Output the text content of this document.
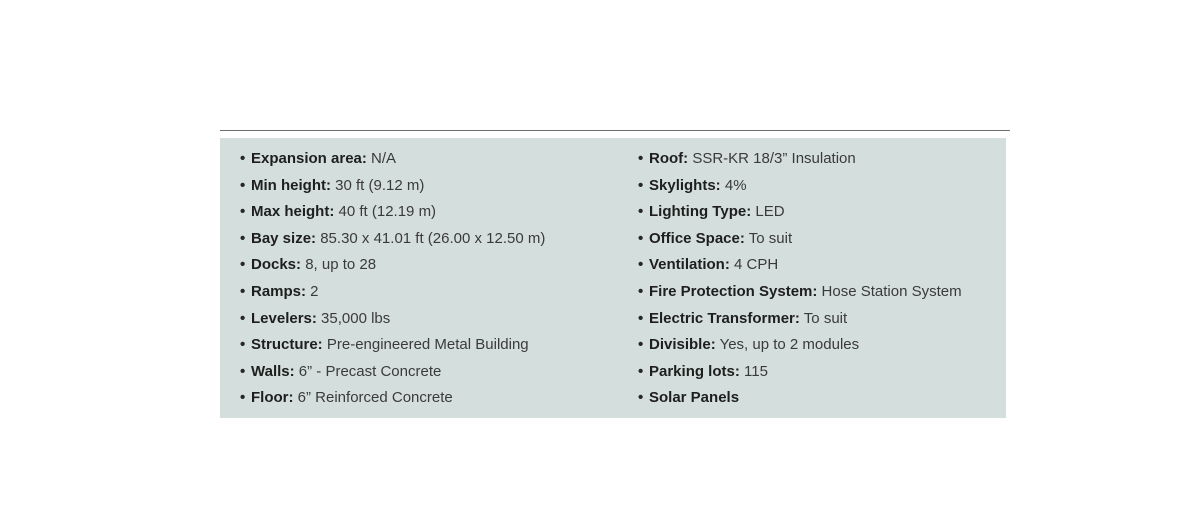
• Expansion area: N/A
• Min height: 30 ft (9.12 m)
• Max height: 40 ft (12.19 m)
• Bay size: 85.30 x 41.01 ft (26.00 x 12.50 m)
• Docks: 8, up to 28
• Ramps: 2
• Levelers: 35,000 lbs
• Structure: Pre-engineered Metal Building
• Walls: 6” - Precast Concrete
• Floor: 6” Reinforced Concrete
• Roof: SSR-KR 18/3” Insulation
• Skylights: 4%
• Lighting Type: LED
• Office Space: To suit
• Ventilation: 4 CPH
• Fire Protection System: Hose Station System
• Electric Transformer: To suit
• Divisible: Yes, up to 2 modules
• Parking lots: 115
• Solar Panels
